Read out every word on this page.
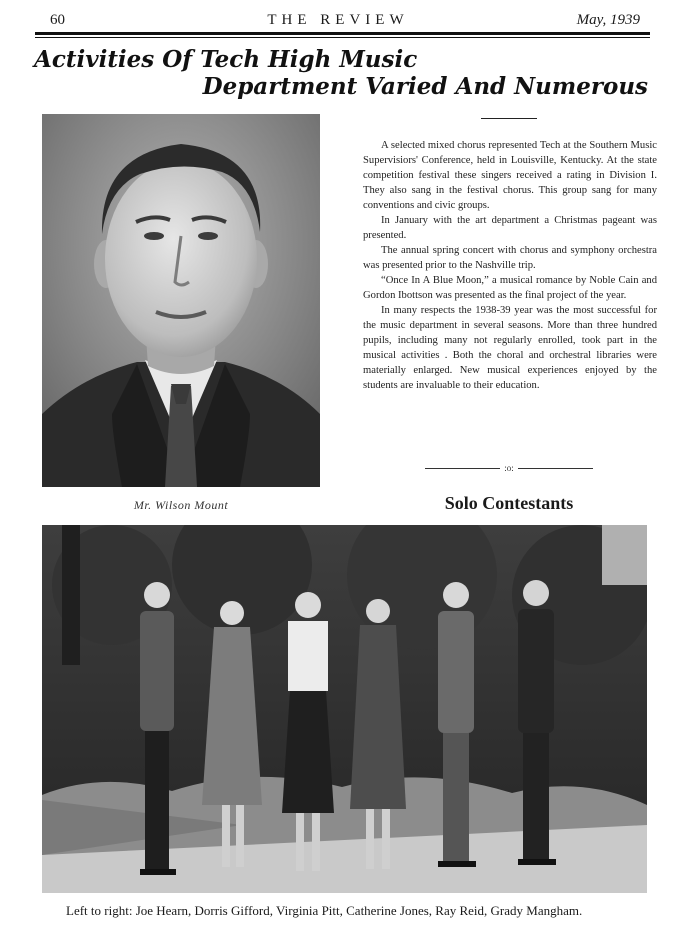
60	THE REVIEW	May, 1939
Activities Of Tech High Music
Department Varied And Numerous
Mr. Wilson Mount

A selected mixed chorus represented Tech at the Southern Music Supervisiors' Conference, held in Louisville, Kentucky. At the state competition festival these singers received a rating in Division I. They also sang in the festival chorus. This group sang for many conventions and civic groups.

In January with the art department a Christmas pageant was presented.

The annual spring concert with chorus and symphony orchestra was presented prior to the Nashville trip.

“Once In A Blue Moon,” a musical romance by Noble Cain and Gordon Ibottson was presented as the final project of the year.

In many respects the 1938-39 year was the most successful for the music department in several seasons. More than three hundred pupils, including many not regularly enrolled, took part in the musical activities . Both the choral and orchestral libraries were materially enlarged. New musical experiences enjoyed by the students are invaluable to their education.

:o:
Solo Contestants
Left to right: Joe Hearn, Dorris Gifford, Virginia Pitt, Catherine Jones, Ray Reid, Grady Mangham.
